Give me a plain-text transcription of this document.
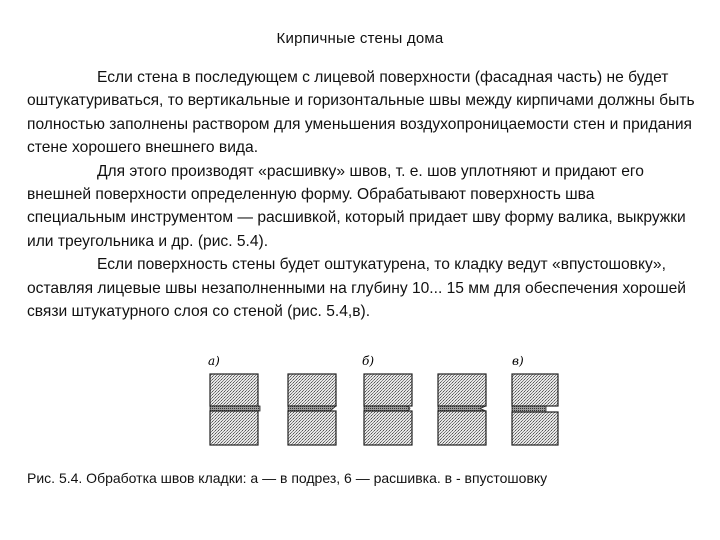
Кирпичные стены дома

Если стена в последующем с лицевой поверхности (фасадная часть) не будет оштукатуриваться, то вертикальные и горизонтальные швы между кирпичами должны быть полностью заполнены раствором для уменьшения воздухопроницаемости стен и придания стене хорошего внешнего вида.

Для этого производят «расшивку» швов, т. е. шов уплотняют и придают его внешней поверхности определенную форму. Обрабатывают поверхность шва специальным инструментом — расшивкой, который придает шву форму валика, выкружки или треугольника и др. (рис. 5.4).

Если поверхность стены будет оштукатурена, то кладку ведут «впустошовку», оставляя лицевые швы незаполненными на глубину 10... 15 мм для обеспечения хорошей связи штукатурного слоя со стеной (рис. 5.4,в).

а)	б)	в)
Рис. 5.4. Обработка швов кладки: а — в подрез, 6 — расшивка. в - впустошовку
